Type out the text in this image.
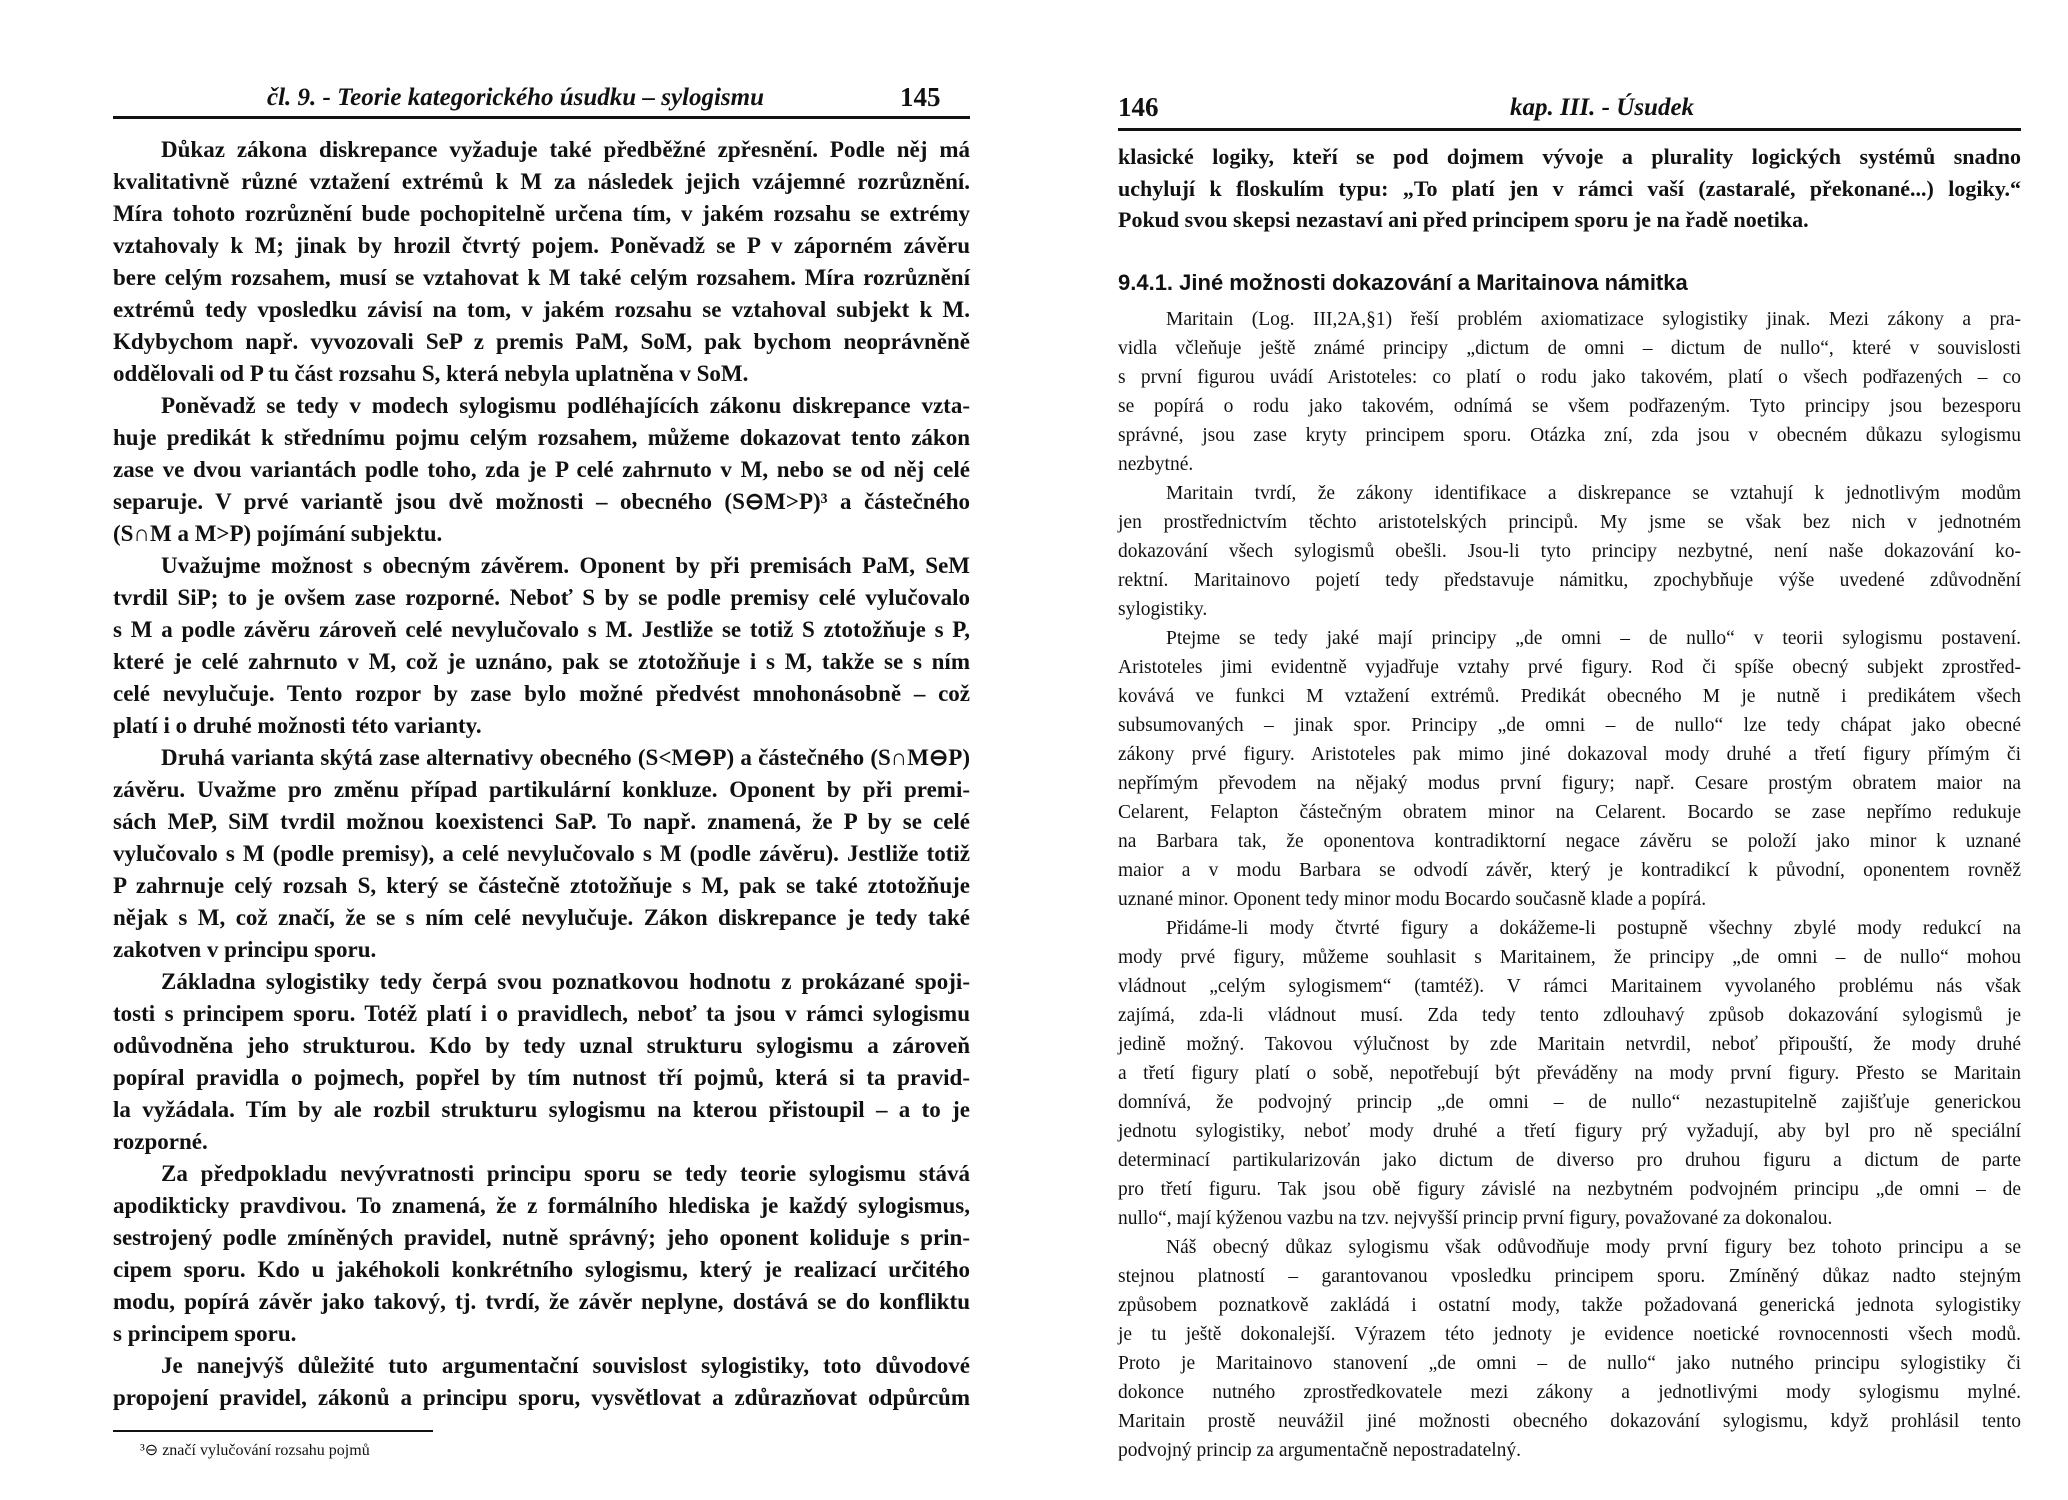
čl. 9. - Teorie kategorického úsudku – sylogismu	145
Důkaz zákona diskrepance vyžaduje také předběžné zpřesnění. Podle něj má
kvalitativně různé vztažení extrémů k M za následek jejich vzájemné rozrůznění.
Míra tohoto rozrůznění bude pochopitelně určena tím, v jakém rozsahu se extrémy
vztahovaly k M; jinak by hrozil čtvrtý pojem. Poněvadž se P v záporném závěru
bere celým rozsahem, musí se vztahovat k M také celým rozsahem. Míra rozrůznění
extrémů tedy vposledku závisí na tom, v jakém rozsahu se vztahoval subjekt k M.
Kdybychom např. vyvozovali SeP z premis PaM, SoM, pak bychom neoprávněně
oddělovali od P tu část rozsahu S, která nebyla uplatněna v SoM.
Poněvadž se tedy v modech sylogismu podléhajících zákonu diskrepance vzta-
huje predikát k střednímu pojmu celým rozsahem, můžeme dokazovat tento zákon
zase ve dvou variantách podle toho, zda je P celé zahrnuto v M, nebo se od něj celé
separuje. V prvé variantě jsou dvě možnosti – obecného (S⊖M>P)³ a částečného
(S∩M a M>P) pojímání subjektu.
Uvažujme možnost s obecným závěrem. Oponent by při premisách PaM, SeM
tvrdil SiP; to je ovšem zase rozporné. Neboť S by se podle premisy celé vylučovalo
s M a podle závěru zároveň celé nevylučovalo s M. Jestliže se totiž S ztotožňuje s P,
které je celé zahrnuto v M, což je uznáno, pak se ztotožňuje i s M, takže se s ním
celé nevylučuje. Tento rozpor by zase bylo možné předvést mnohonásobně – což
platí i o druhé možnosti této varianty.
Druhá varianta skýtá zase alternativy obecného (S<M⊖P) a částečného (S∩M⊖P)
závěru. Uvažme pro změnu případ partikulární konkluze. Oponent by při premi-
sách MeP, SiM tvrdil možnou koexistenci SaP. To např. znamená, že P by se celé
vylučovalo s M (podle premisy), a celé nevylučovalo s M (podle závěru). Jestliže totiž
P zahrnuje celý rozsah S, který se částečně ztotožňuje s M, pak se také ztotožňuje
nějak s M, což značí, že se s ním celé nevylučuje. Zákon diskrepance je tedy také
zakotven v principu sporu.
Základna sylogistiky tedy čerpá svou poznatkovou hodnotu z prokázané spoji-
tosti s principem sporu. Totéž platí i o pravidlech, neboť ta jsou v rámci sylogismu
odůvodněna jeho strukturou. Kdo by tedy uznal strukturu sylogismu a zároveň
popíral pravidla o pojmech, popřel by tím nutnost tří pojmů, která si ta pravid-
la vyžádala. Tím by ale rozbil strukturu sylogismu na kterou přistoupil – a to je
rozporné.
Za předpokladu nevývratnosti principu sporu se tedy teorie sylogismu stává
apodikticky pravdivou. To znamená, že z formálního hlediska je každý sylogismus,
sestrojený podle zmíněných pravidel, nutně správný; jeho oponent koliduje s prin-
cipem sporu. Kdo u jakéhokoli konkrétního sylogismu, který je realizací určitého
modu, popírá závěr jako takový, tj. tvrdí, že závěr neplyne, dostává se do konfliktu
s principem sporu.
Je nanejvýš důležité tuto argumentační souvislost sylogistiky, toto důvodové
propojení pravidel, zákonů a principu sporu, vysvětlovat a zdůrazňovat odpůrcům
³⊖ značí vylučování rozsahu pojmů
146	kap. III. - Úsudek
klasické logiky, kteří se pod dojmem vývoje a plurality logických systémů snadno
uchylují k floskulím typu: „To platí jen v rámci vaší (zastaralé, překonané...) logiky.“
Pokud svou skepsi nezastaví ani před principem sporu je na řadě noetika.
9.4.1. Jiné možnosti dokazování a Maritainova námitka
Maritain (Log. III,2A,§1) řeší problém axiomatizace sylogistiky jinak. Mezi zákony a pra-
vidla včleňuje ještě známé principy „dictum de omni – dictum de nullo“, které v souvislosti
s první figurou uvádí Aristoteles: co platí o rodu jako takovém, platí o všech podřazených – co
se popírá o rodu jako takovém, odnímá se všem podřazeným. Tyto principy jsou bezesporu
správné, jsou zase kryty principem sporu. Otázka zní, zda jsou v obecném důkazu sylogismu
nezbytné.
Maritain tvrdí, že zákony identifikace a diskrepance se vztahují k jednotlivým modům
jen prostřednictvím těchto aristotelských principů. My jsme se však bez nich v jednotném
dokazování všech sylogismů obešli. Jsou-li tyto principy nezbytné, není naše dokazování ko-
rektní. Maritainovo pojetí tedy představuje námitku, zpochybňuje výše uvedené zdůvodnění
sylogistiky.
Ptejme se tedy jaké mají principy „de omni – de nullo“ v teorii sylogismu postavení.
Aristoteles jimi evidentně vyjadřuje vztahy prvé figury. Rod či spíše obecný subjekt zprostřed-
kovává ve funkci M vztažení extrémů. Predikát obecného M je nutně i predikátem všech
subsumovaných – jinak spor. Principy „de omni – de nullo“ lze tedy chápat jako obecné
zákony prvé figury. Aristoteles pak mimo jiné dokazoval mody druhé a třetí figury přímým či
nepřímým převodem na nějaký modus první figury; např. Cesare prostým obratem maior na
Celarent, Felapton částečným obratem minor na Celarent. Bocardo se zase nepřímo redukuje
na Barbara tak, že oponentova kontradiktorní negace závěru se položí jako minor k uznané
maior a v modu Barbara se odvodí závěr, který je kontradikcí k původní, oponentem rovněž
uznané minor. Oponent tedy minor modu Bocardo současně klade a popírá.
Přidáme-li mody čtvrté figury a dokážeme-li postupně všechny zbylé mody redukcí na
mody prvé figury, můžeme souhlasit s Maritainem, že principy „de omni – de nullo“ mohou
vládnout „celým sylogismem“ (tamtéž). V rámci Maritainem vyvolaného problému nás však
zajímá, zda-li vládnout musí. Zda tedy tento zdlouhavý způsob dokazování sylogismů je
jedině možný. Takovou výlučnost by zde Maritain netvrdil, neboť připouští, že mody druhé
a třetí figury platí o sobě, nepotřebují být převáděny na mody první figury. Přesto se Maritain
domnívá, že podvojný princip „de omni – de nullo“ nezastupitelně zajišťuje generickou
jednotu sylogistiky, neboť mody druhé a třetí figury prý vyžadují, aby byl pro ně speciální
determinací partikularizován jako dictum de diverso pro druhou figuru a dictum de parte
pro třetí figuru. Tak jsou obě figury závislé na nezbytném podvojném principu „de omni – de
nullo“, mají kýženou vazbu na tzv. nejvyšší princip první figury, považované za dokonalou.
Náš obecný důkaz sylogismu však odůvodňuje mody první figury bez tohoto principu a se
stejnou platností – garantovanou vposledku principem sporu. Zmíněný důkaz nadto stejným
způsobem poznatkově zakládá i ostatní mody, takže požadovaná generická jednota sylogistiky
je tu ještě dokonalejší. Výrazem této jednoty je evidence noetické rovnocennosti všech modů.
Proto je Maritainovo stanovení „de omni – de nullo“ jako nutného principu sylogistiky či
dokonce nutného zprostředkovatele mezi zákony a jednotlivými mody sylogismu mylné.
Maritain prostě neuvážil jiné možnosti obecného dokazování sylogismu, když prohlásil tento
podvojný princip za argumentačně nepostradatelný.
